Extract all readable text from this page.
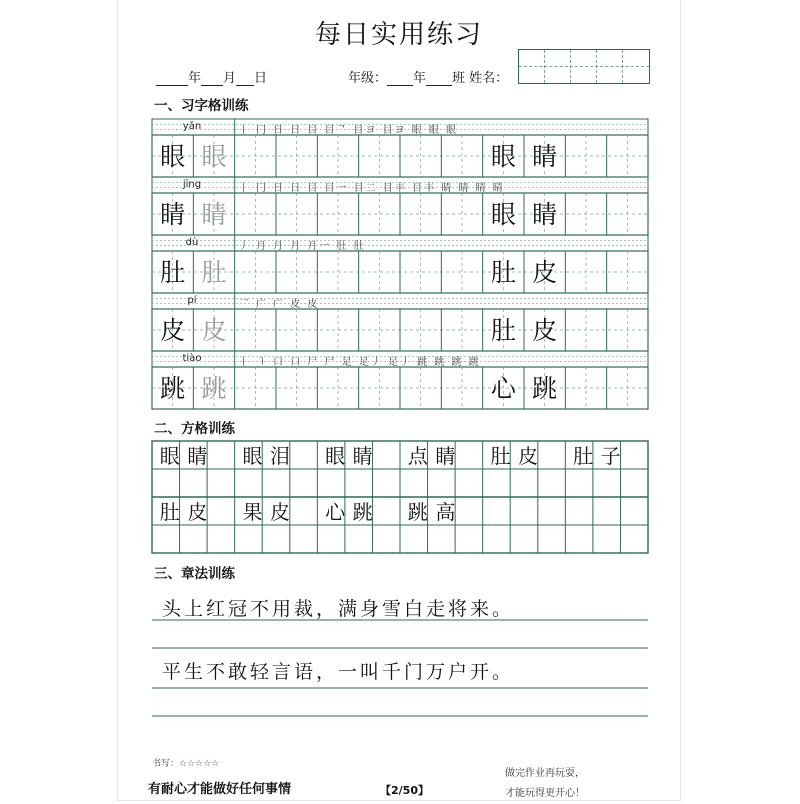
每日实用练习
年 月 日	年级： 年 班 姓名：
一、习字格训练
二、方格训练
三、章法训练
yǎn	丨 冂 日 日 目 目ᄀ 目ヨ 目ヨ 眼 眼 眼
眼 眼	眼 睛
jīng	丨 冂 日 日 目 目一 目二 目丰 目丰 睛 睛 睛 睛
睛 睛	眼 睛
dù	丿 月 月 月 月一 肚 肚
肚 肚	肚 皮
pí	乛 广 广 皮 皮
皮 皮	肚 皮
tiào	丨 ㇕ 口 口 尸 尸 足 足丿 足丿 跳 跳 跳 跳
跳 跳	心 跳
眼 睛	眼 泪	眼 睛	点 睛	肚 皮	肚 子
肚 皮	果 皮	心 跳	跳 高
头上红冠不用裁，满身雪白走将来。
平生不敢轻言语，一叫千门万户开。
书写：☆☆☆☆☆
有耐心才能做好任何事情	【2/50】
做完作业再玩耍，
才能玩得更开心！
